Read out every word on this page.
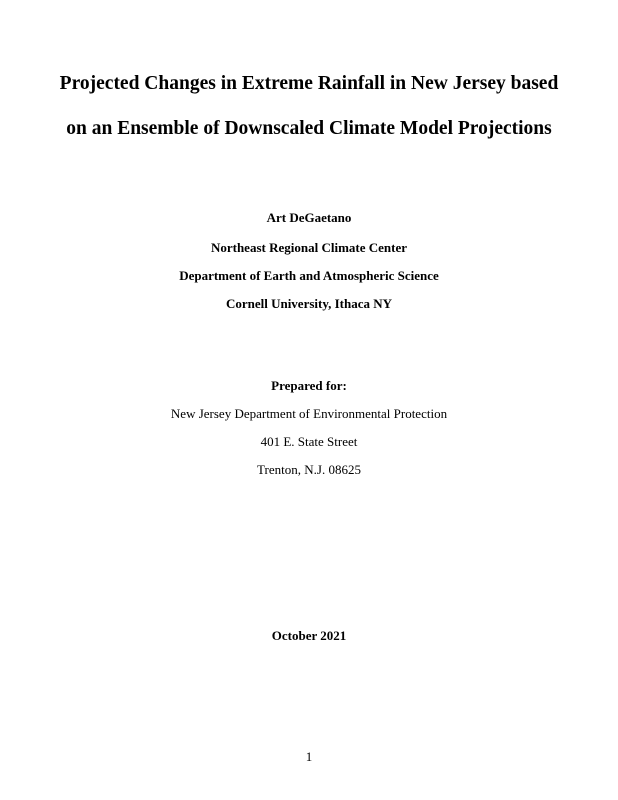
Projected Changes in Extreme Rainfall in New Jersey based
on an Ensemble of Downscaled Climate Model Projections
Art DeGaetano
Northeast Regional Climate Center
Department of Earth and Atmospheric Science
Cornell University, Ithaca NY
Prepared for:
New Jersey Department of Environmental Protection
401 E. State Street
Trenton, N.J. 08625
October 2021
1
